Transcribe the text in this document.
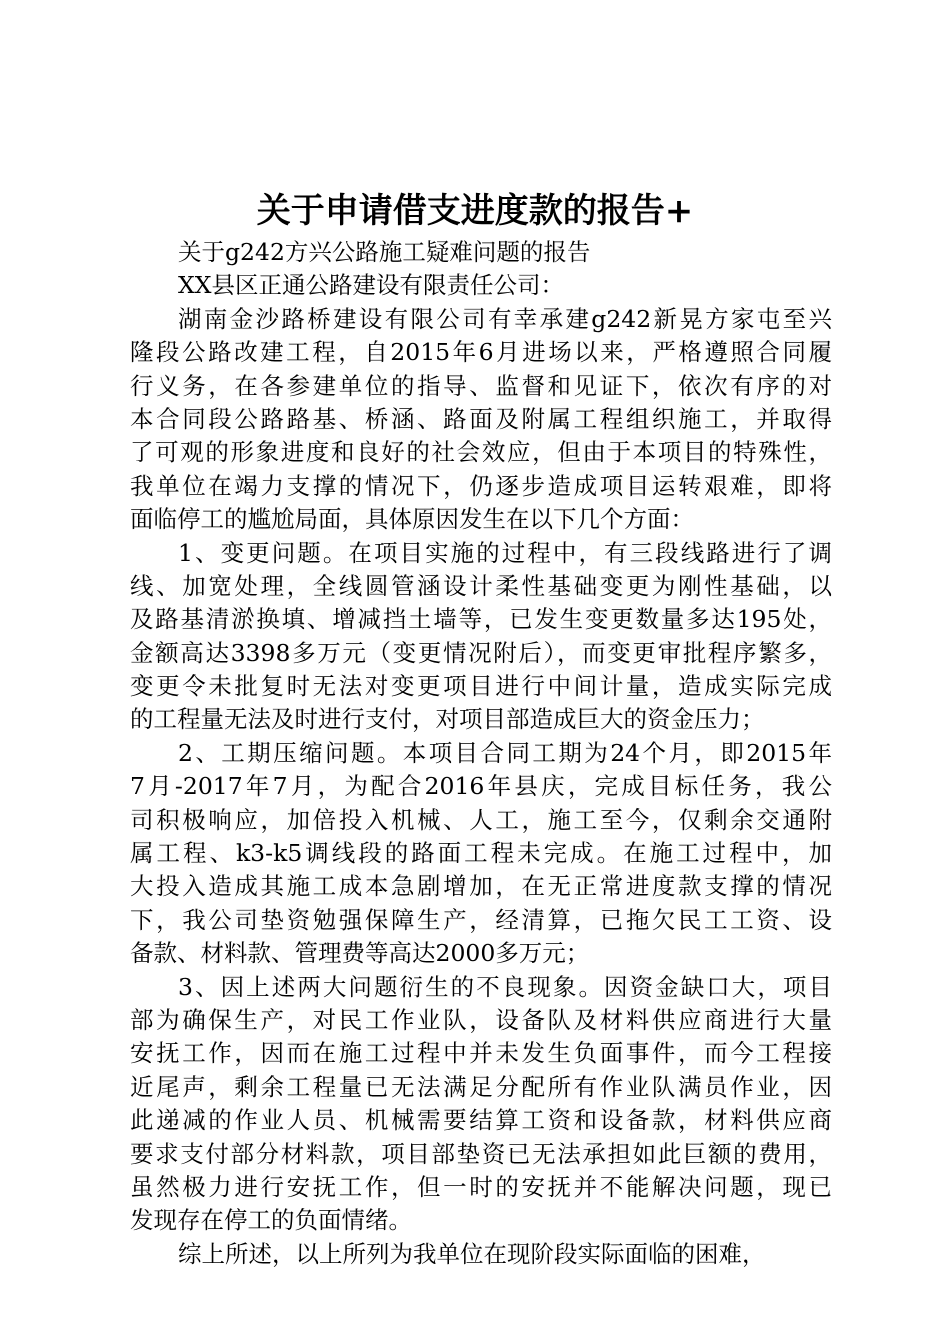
关于申请借支进度款的报告+
关于g242方兴公路施工疑难问题的报告
XX县区正通公路建设有限责任公司：
湖南金沙路桥建设有限公司有幸承建g242新晃方家屯至兴
隆段公路改建工程，自2015年6月进场以来，严格遵照合同履
行义务，在各参建单位的指导、监督和见证下，依次有序的对
本合同段公路路基、桥涵、路面及附属工程组织施工，并取得
了可观的形象进度和良好的社会效应，但由于本项目的特殊性，
我单位在竭力支撑的情况下，仍逐步造成项目运转艰难，即将
面临停工的尴尬局面，具体原因发生在以下几个方面：
1、变更问题。在项目实施的过程中，有三段线路进行了调
线、加宽处理，全线圆管涵设计柔性基础变更为刚性基础，以
及路基清淤换填、增减挡土墙等，已发生变更数量多达195处，
金额高达3398多万元（变更情况附后），而变更审批程序繁多，
变更令未批复时无法对变更项目进行中间计量，造成实际完成
的工程量无法及时进行支付，对项目部造成巨大的资金压力；
2、工期压缩问题。本项目合同工期为24个月，即2015年
7月-2017年7月，为配合2016年县庆，完成目标任务，我公
司积极响应，加倍投入机械、人工，施工至今，仅剩余交通附
属工程、k3-k5调线段的路面工程未完成。在施工过程中，加
大投入造成其施工成本急剧增加，在无正常进度款支撑的情况
下，我公司垫资勉强保障生产，经清算，已拖欠民工工资、设
备款、材料款、管理费等高达2000多万元；
3、因上述两大问题衍生的不良现象。因资金缺口大，项目
部为确保生产，对民工作业队，设备队及材料供应商进行大量
安抚工作，因而在施工过程中并未发生负面事件，而今工程接
近尾声，剩余工程量已无法满足分配所有作业队满员作业，因
此递减的作业人员、机械需要结算工资和设备款，材料供应商
要求支付部分材料款，项目部垫资已无法承担如此巨额的费用，
虽然极力进行安抚工作，但一时的安抚并不能解决问题，现已
发现存在停工的负面情绪。
综上所述，以上所列为我单位在现阶段实际面临的困难，
